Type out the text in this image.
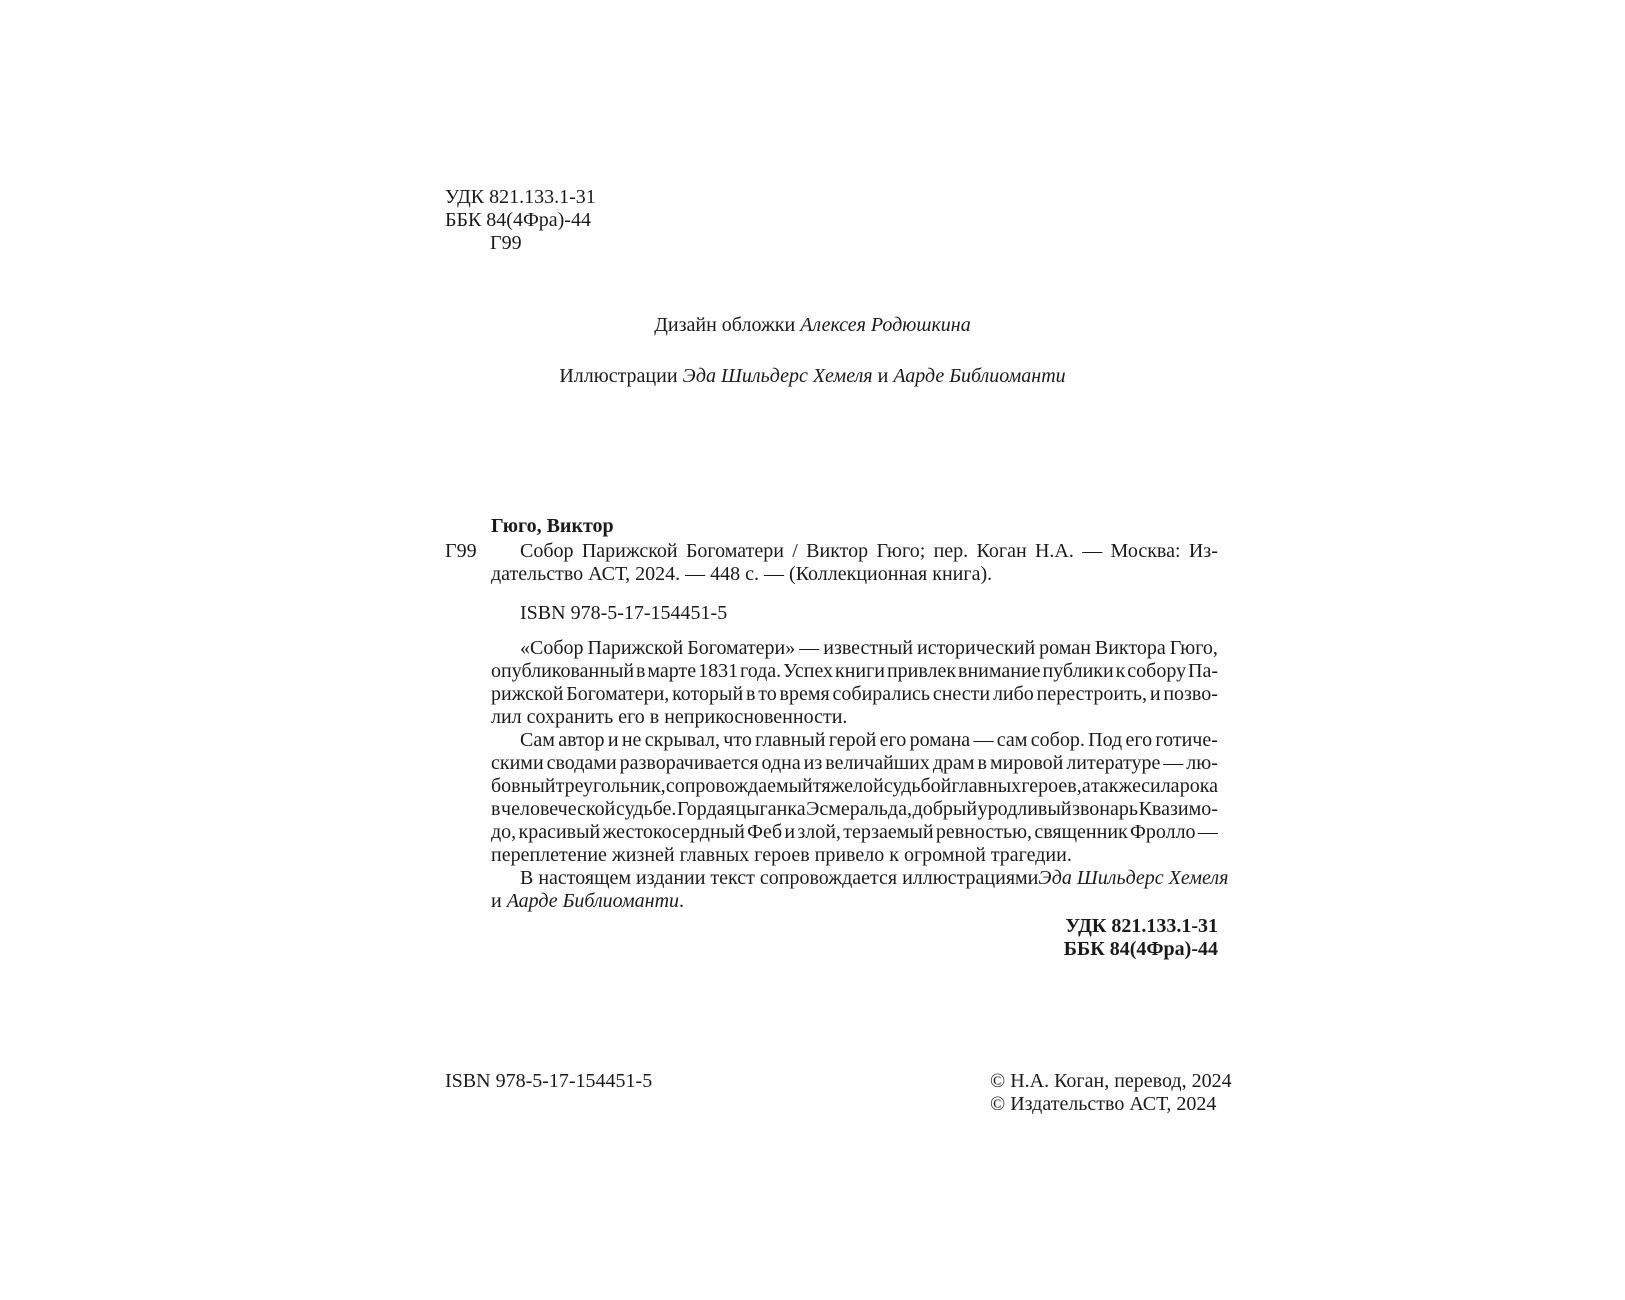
УДК 821.133.1-31
ББК 84(4Фра)-44
Г99
Дизайн обложки Алексея Родюшкина
Иллюстрации Эда Шильдерс Хемеля и Аарде Библиоманти
Гюго, Виктор
Г99 Собор Парижской Богоматери / Виктор Гюго; пер. Коган Н.А. — Москва: Из-
дательство АСТ, 2024. — 448 с. — (Коллекционная книга).
ISBN 978-5-17-154451-5
«Собор Парижской Богоматери» — известный исторический роман Виктора Гюго,
опубликованный в марте 1831 года. Успех книги привлек внимание публики к собору Па-
рижской Богоматери, который в то время собирались снести либо перестроить, и позво-
лил сохранить его в неприкосновенности.
Сам автор и не скрывал, что главный герой его романа — сам собор. Под его готиче-
скими сводами разворачивается одна из величайших драм в мировой литературе — лю-
бовный треугольник, сопровождаемый тяжелой судьбой главных героев, а также сила рока
в человеческой судьбе. Гордая цыганка Эсмеральда, добрый уродливый звонарь Квазимо-
до, красивый жестокосердный Феб и злой, терзаемый ревностью, священник Фролло —
переплетение жизней главных героев привело к огромной трагедии.
В настоящем издании текст сопровождается иллюстрациями Эда Шильдерс Хемеля
и
Аарде Библиоманти .
УДК 821.133.1-31
ББК 84(4Фра)-44
ISBN 978-5-17-154451-5	© Н.А. Коган, перевод, 2024
© Издательство АСТ, 2024
